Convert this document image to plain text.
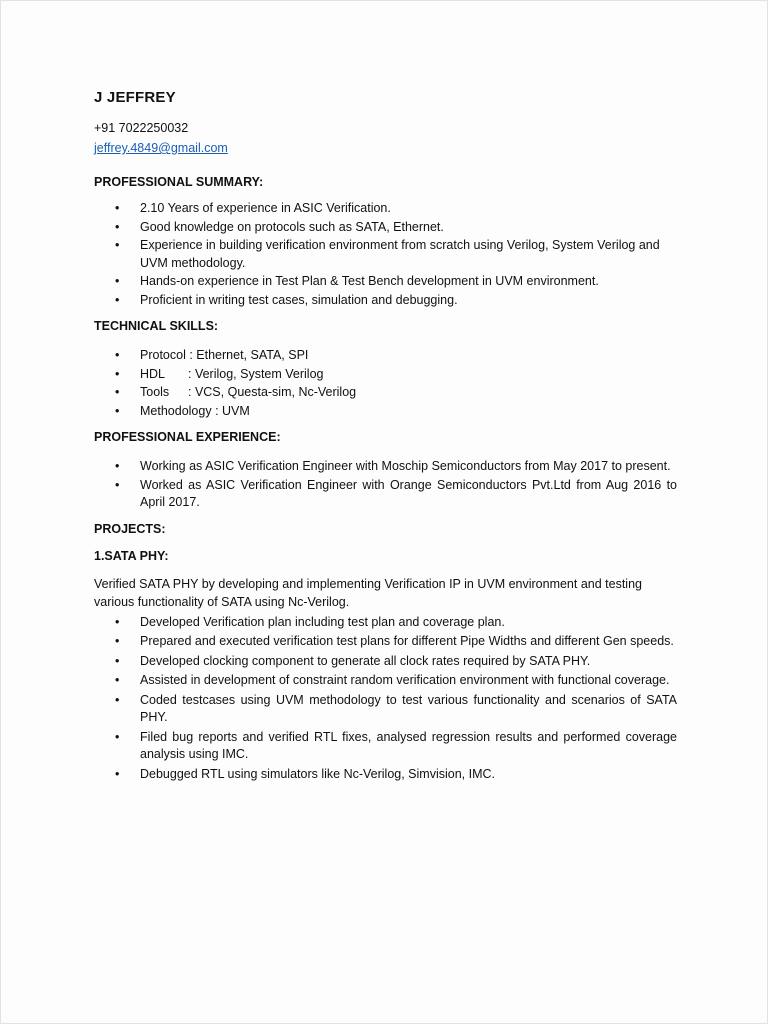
J JEFFREY
+91 7022250032
jeffrey.4849@gmail.com
PROFESSIONAL SUMMARY:
• 2.10 Years of experience in ASIC Verification.
• Good knowledge on protocols such as SATA, Ethernet.
• Experience in building verification environment from scratch using Verilog, System Verilog and UVM methodology.
• Hands-on experience in Test Plan & Test Bench development in UVM environment.
• Proficient in writing test cases, simulation and debugging.
TECHNICAL SKILLS:
• Protocol : Ethernet, SATA, SPI
• HDL : Verilog, System Verilog
• Tools : VCS, Questa-sim, Nc-Verilog
• Methodology : UVM
PROFESSIONAL EXPERIENCE:
• Working as ASIC Verification Engineer with Moschip Semiconductors from May 2017 to present.
• Worked as ASIC Verification Engineer with Orange Semiconductors Pvt.Ltd from Aug 2016 to April 2017.
PROJECTS:
1.SATA PHY:

Verified SATA PHY by developing and implementing Verification IP in UVM environment and testing various functionality of SATA using Nc-Verilog.

• Developed Verification plan including test plan and coverage plan.
• Prepared and executed verification test plans for different Pipe Widths and different Gen speeds.
• Developed clocking component to generate all clock rates required by SATA PHY.
• Assisted in development of constraint random verification environment with functional coverage.
• Coded testcases using UVM methodology to test various functionality and scenarios of SATA PHY.
• Filed bug reports and verified RTL fixes, analysed regression results and performed coverage analysis using IMC.
• Debugged RTL using simulators like Nc-Verilog, Simvision, IMC.
